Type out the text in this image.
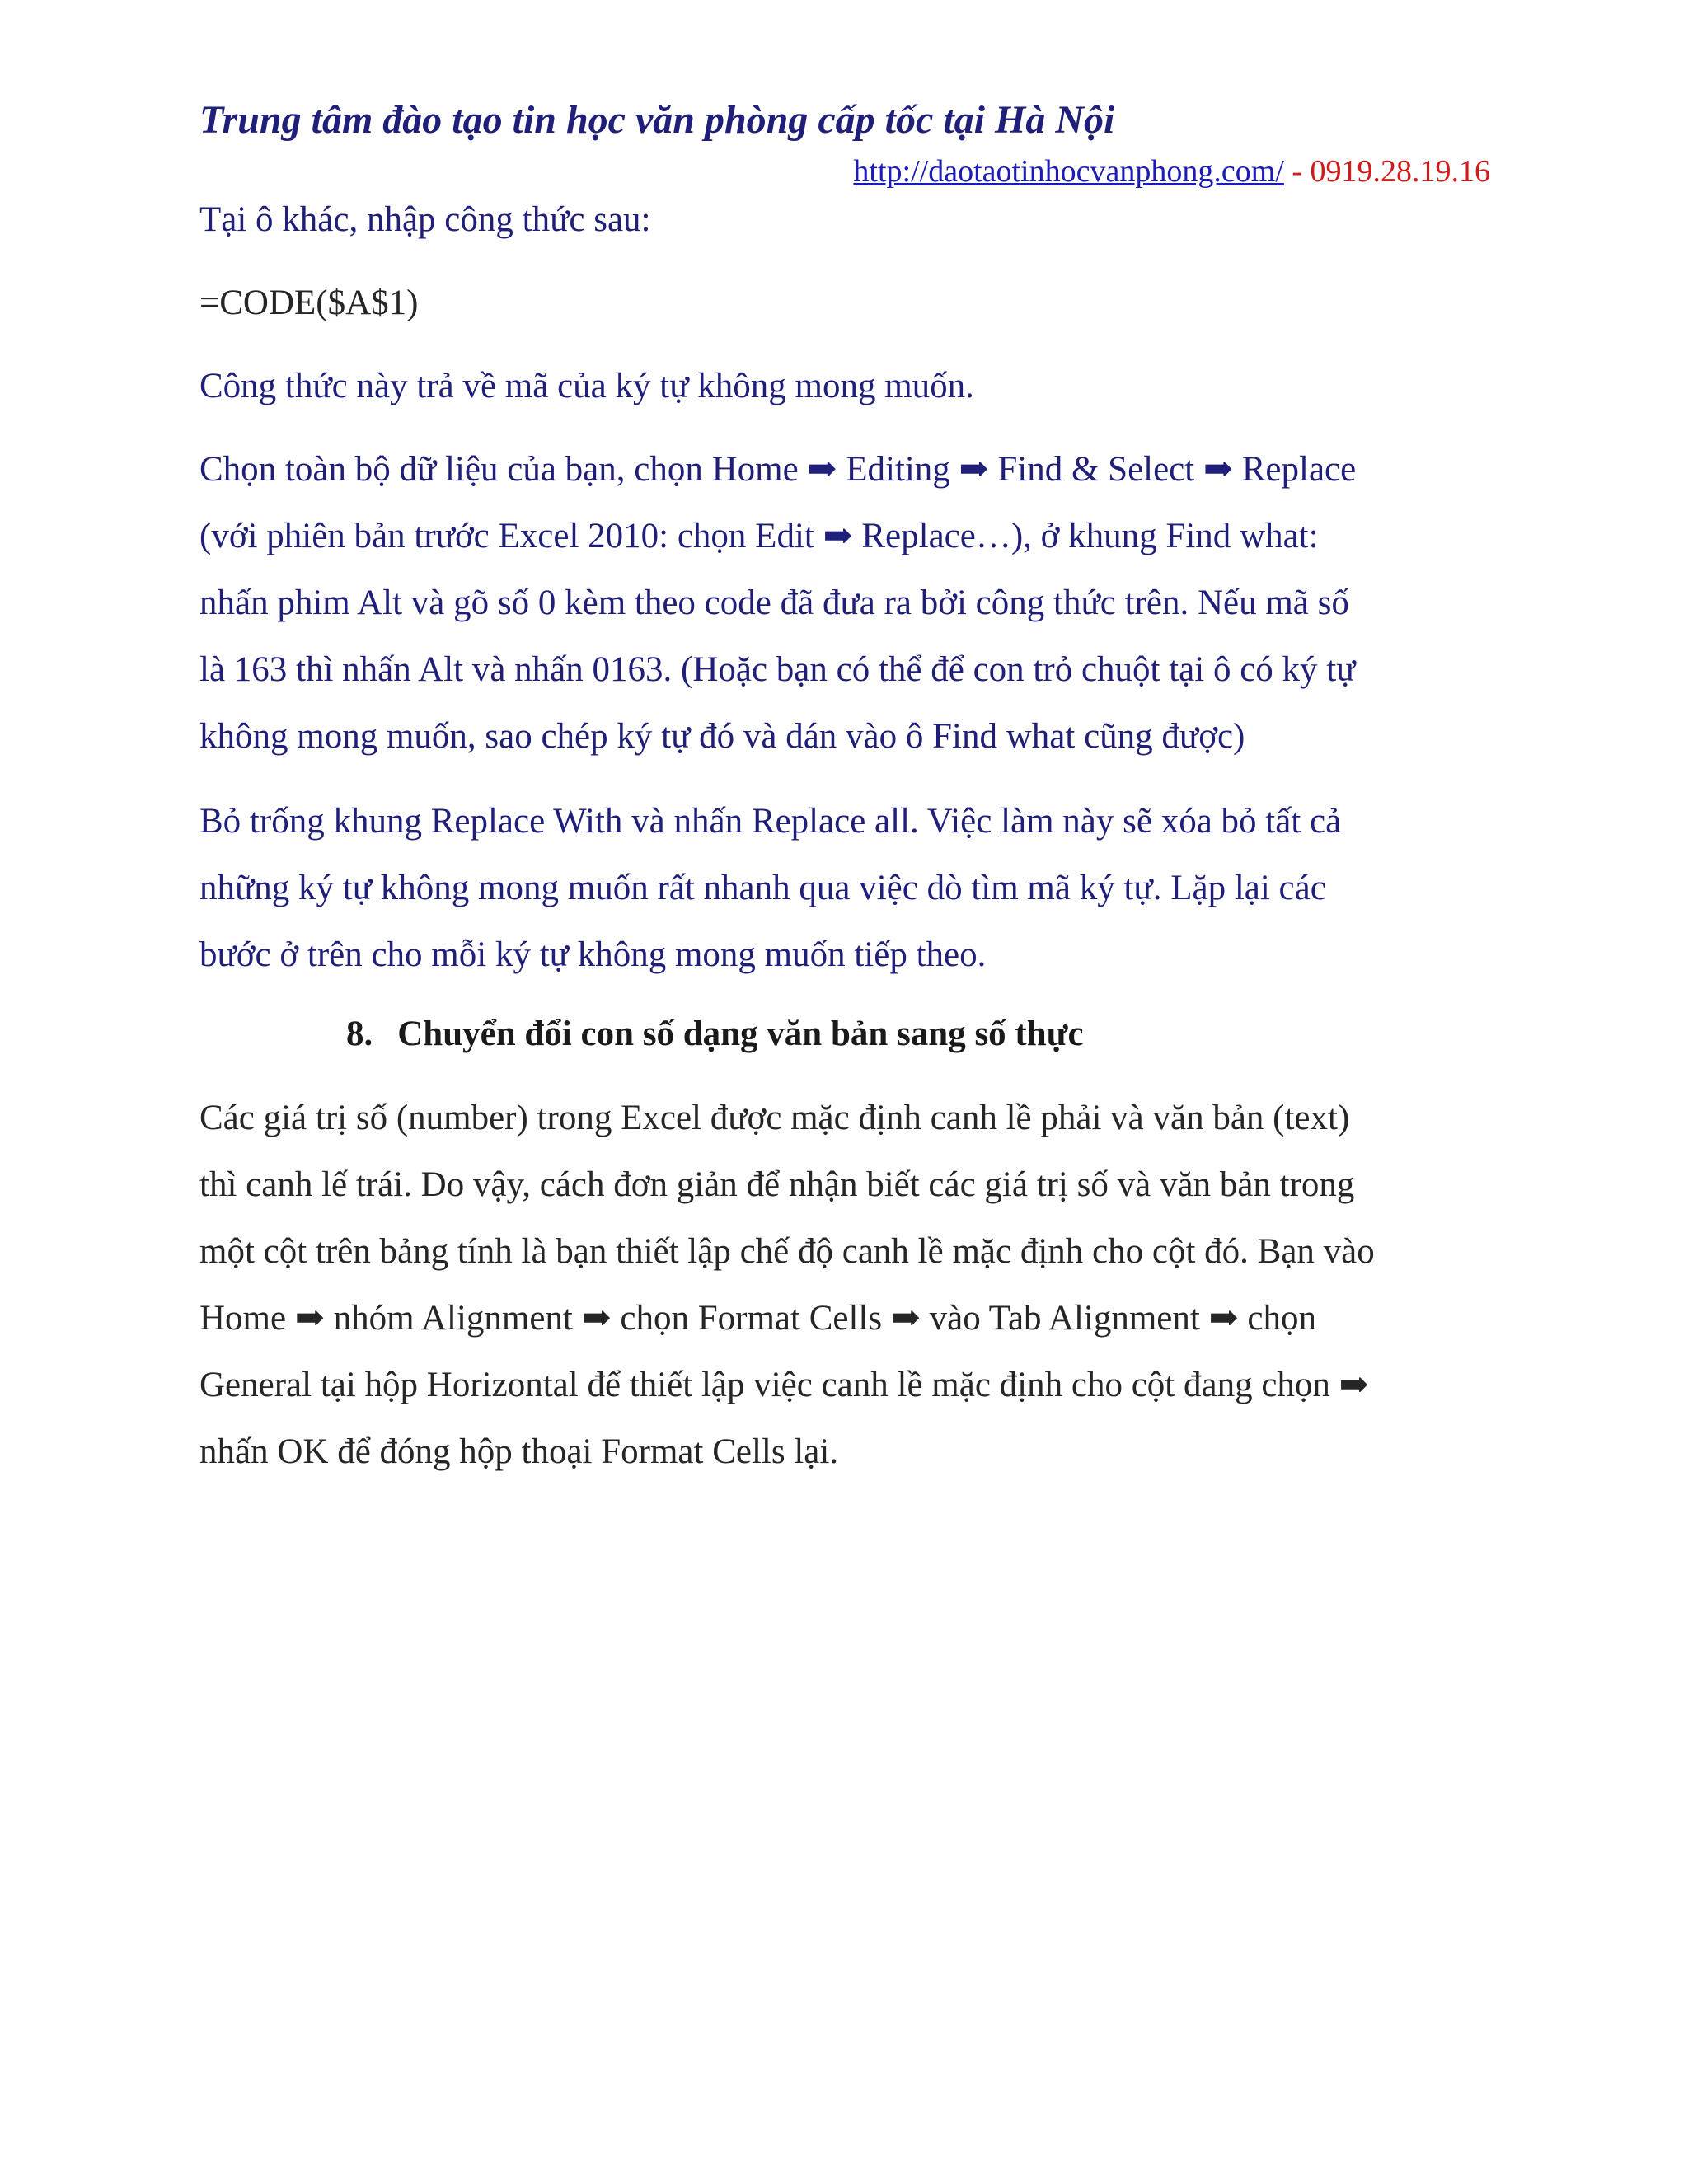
Trung tâm đào tạo tin học văn phòng cấp tốc tại Hà Nội
http://daotaotinhocvanphong.com/ - 0919.28.19.16
Tại ô khác, nhập công thức sau:
=CODE($A$1)
Công thức này trả về mã của ký tự không mong muốn.
Chọn toàn bộ dữ liệu của bạn, chọn Home ➡ Editing ➡ Find & Select ➡ Replace
(với phiên bản trước Excel 2010: chọn Edit ➡ Replace…), ở khung Find what:
nhấn phim Alt và gõ số 0 kèm theo code đã đưa ra bởi công thức trên. Nếu mã số
là 163 thì nhấn Alt và nhấn 0163. (Hoặc bạn có thể để con trỏ chuột tại ô có ký tự
không mong muốn, sao chép ký tự đó và dán vào ô Find what cũng được)
Bỏ trống khung Replace With và nhấn Replace all. Việc làm này sẽ xóa bỏ tất cả
những ký tự không mong muốn rất nhanh qua việc dò tìm mã ký tự. Lặp lại các
bước ở trên cho mỗi ký tự không mong muốn tiếp theo.
8. Chuyển đổi con số dạng văn bản sang số thực
Các giá trị số (number) trong Excel được mặc định canh lề phải và văn bản (text)
thì canh lế trái. Do vậy, cách đơn giản để nhận biết các giá trị số và văn bản trong
một cột trên bảng tính là bạn thiết lập chế độ canh lề mặc định cho cột đó. Bạn vào
Home ➡ nhóm Alignment ➡ chọn Format Cells ➡ vào Tab Alignment ➡ chọn
General tại hộp Horizontal để thiết lập việc canh lề mặc định cho cột đang chọn ➡
nhấn OK để đóng hộp thoại Format Cells lại.
